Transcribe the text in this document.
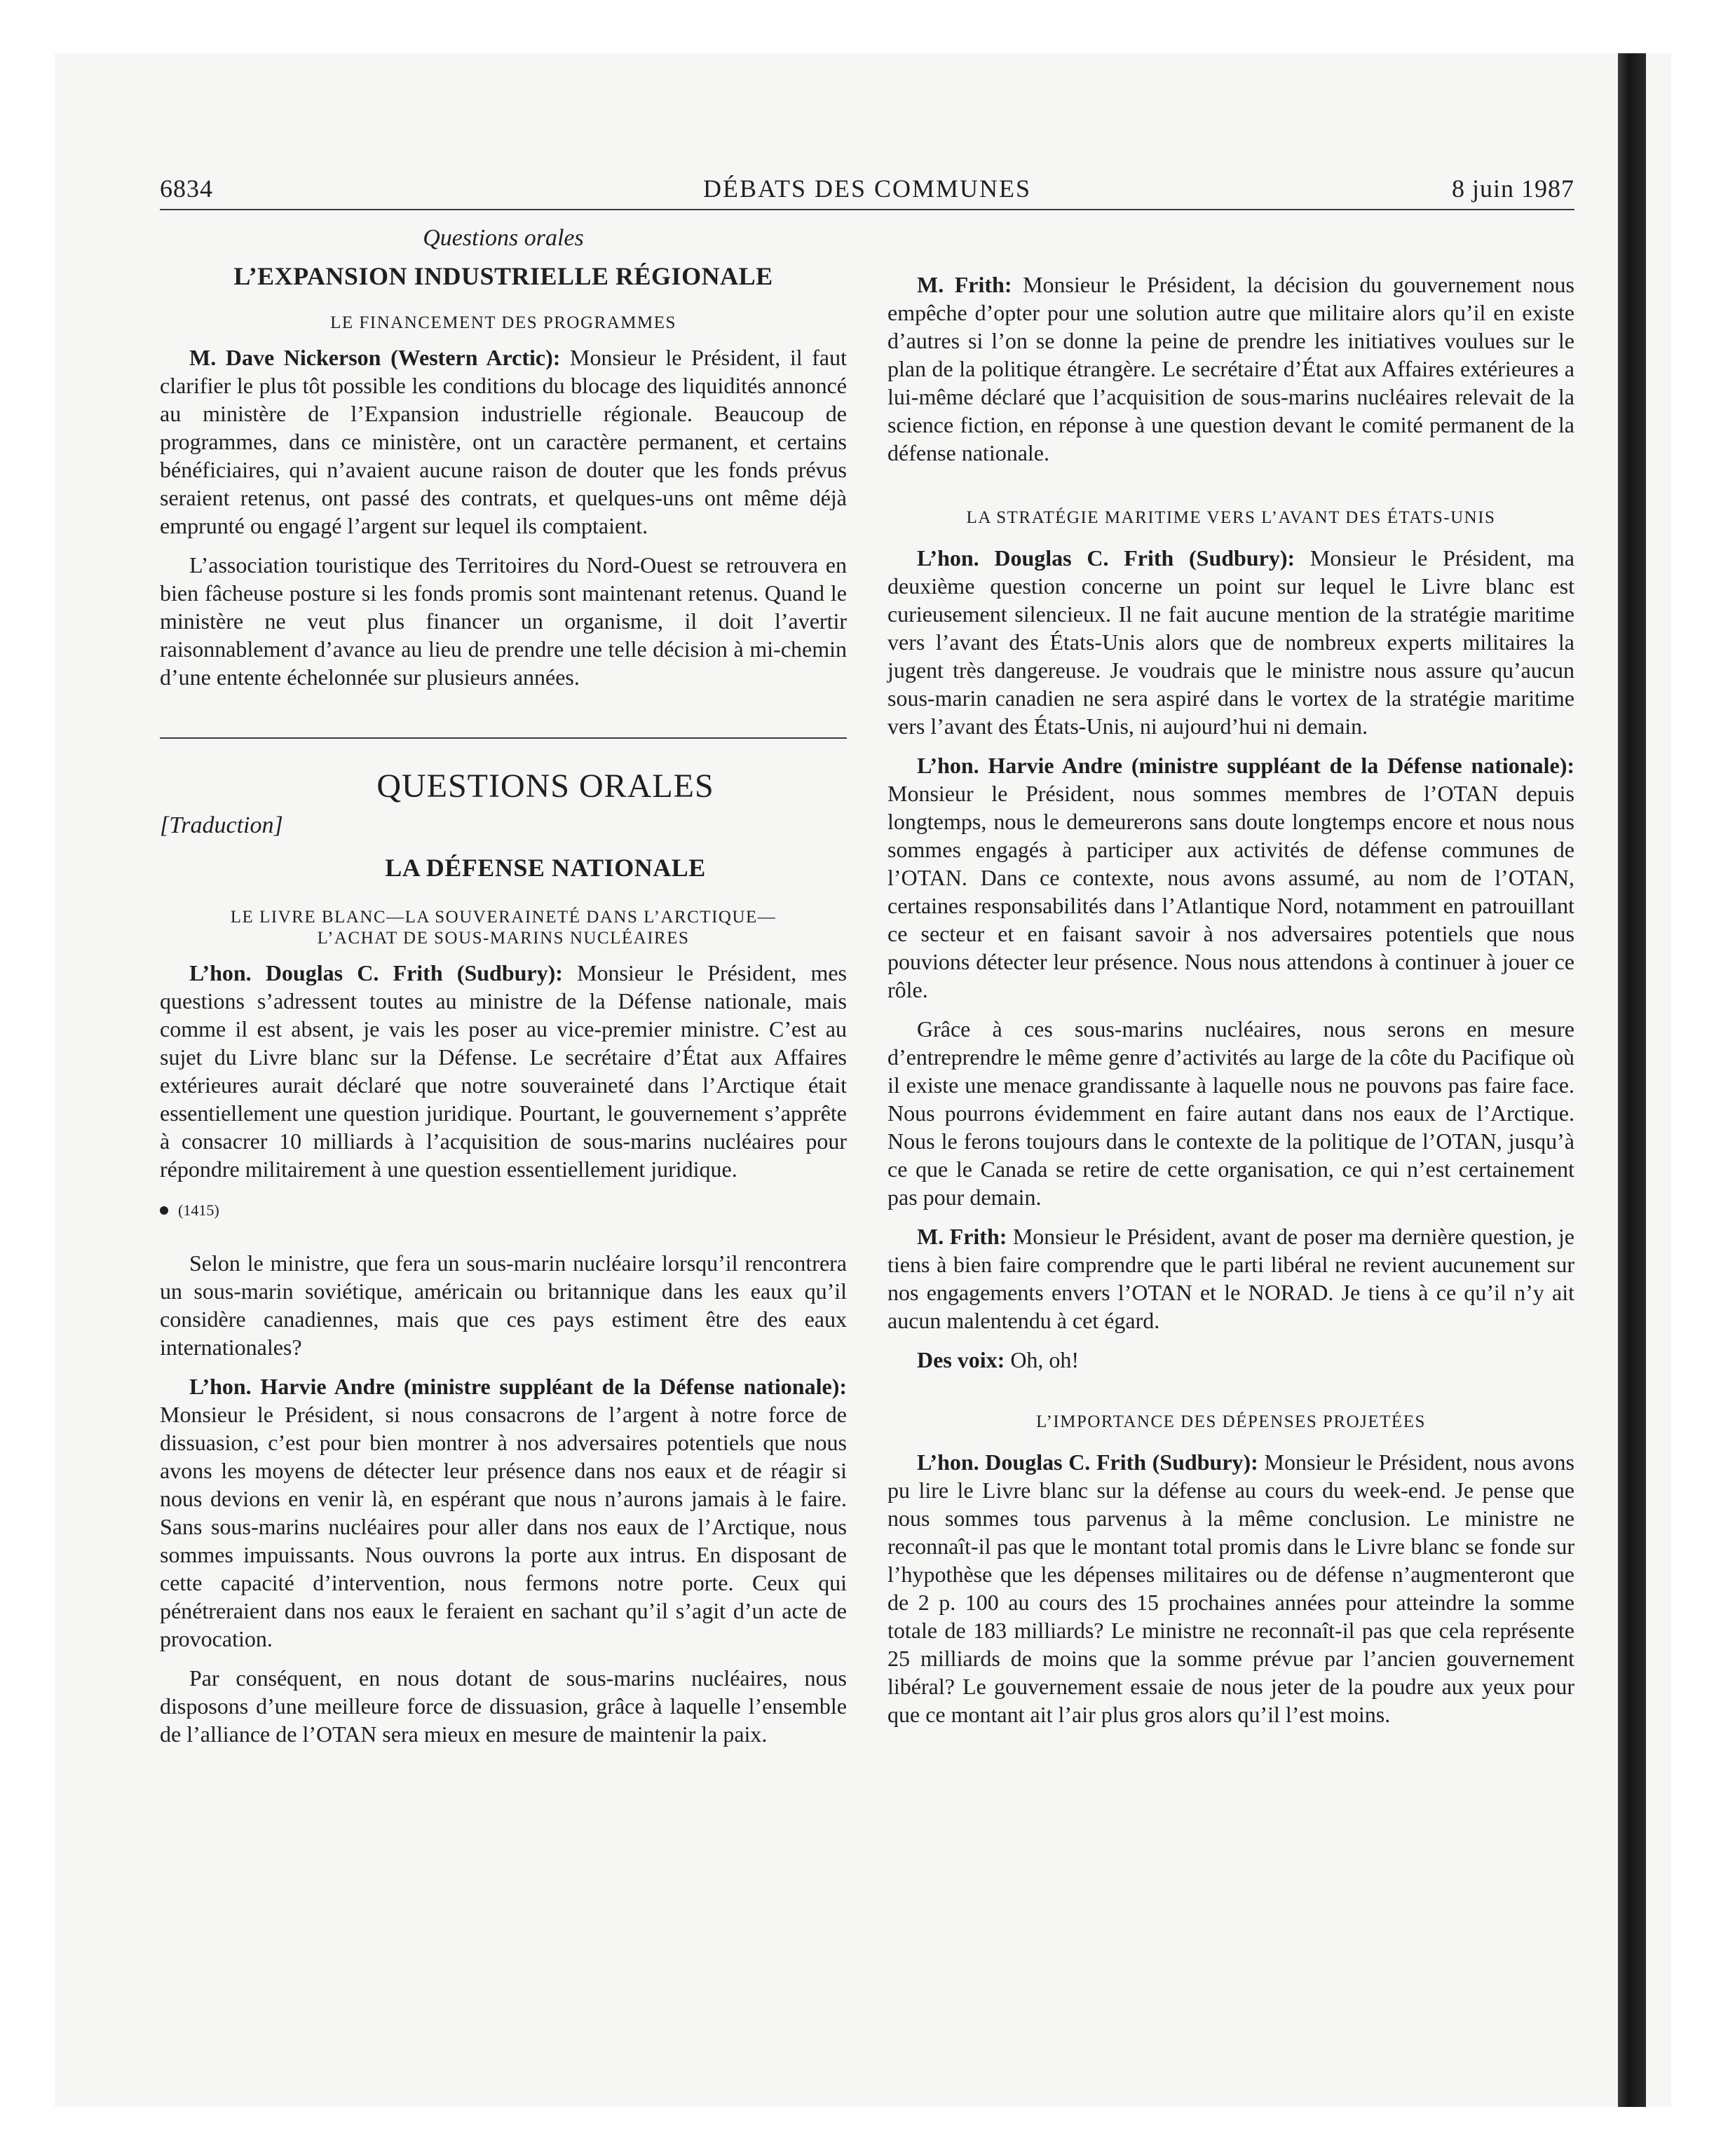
6834	DÉBATS DES COMMUNES	8 juin 1987
Questions orales
L’EXPANSION INDUSTRIELLE RÉGIONALE
LE FINANCEMENT DES PROGRAMMES

M. Dave Nickerson (Western Arctic): Monsieur le Président, il faut clarifier le plus tôt possible les conditions du blocage des liquidités annoncé au ministère de l’Expansion industrielle régionale. Beaucoup de programmes, dans ce ministère, ont un caractère permanent, et certains bénéficiaires, qui n’avaient aucune raison de douter que les fonds prévus seraient retenus, ont passé des contrats, et quelques-uns ont même déjà emprunté ou engagé l’argent sur lequel ils comptaient.

L’association touristique des Territoires du Nord-Ouest se retrouvera en bien fâcheuse posture si les fonds promis sont maintenant retenus. Quand le ministère ne veut plus financer un organisme, il doit l’avertir raisonnablement d’avance au lieu de prendre une telle décision à mi-chemin d’une entente échelonnée sur plusieurs années.

QUESTIONS ORALES
[Traduction]
LA DÉFENSE NATIONALE
LE LIVRE BLANC—LA SOUVERAINETÉ DANS L’ARCTIQUE—
L’ACHAT DE SOUS-MARINS NUCLÉAIRES

L’hon. Douglas C. Frith (Sudbury): Monsieur le Président, mes questions s’adressent toutes au ministre de la Défense nationale, mais comme il est absent, je vais les poser au vice-premier ministre. C’est au sujet du Livre blanc sur la Défense. Le secrétaire d’État aux Affaires extérieures aurait déclaré que notre souveraineté dans l’Arctique était essentiellement une question juridique. Pourtant, le gouvernement s’apprête à consacrer 10 milliards à l’acquisition de sous-marins nucléaires pour répondre militairement à une question essentiellement juridique.

(1415)

Selon le ministre, que fera un sous-marin nucléaire lorsqu’il rencontrera un sous-marin soviétique, américain ou britannique dans les eaux qu’il considère canadiennes, mais que ces pays estiment être des eaux internationales?

L’hon. Harvie Andre (ministre suppléant de la Défense nationale): Monsieur le Président, si nous consacrons de l’argent à notre force de dissuasion, c’est pour bien montrer à nos adversaires potentiels que nous avons les moyens de détecter leur présence dans nos eaux et de réagir si nous devions en venir là, en espérant que nous n’aurons jamais à le faire. Sans sous-marins nucléaires pour aller dans nos eaux de l’Arctique, nous sommes impuissants. Nous ouvrons la porte aux intrus. En disposant de cette capacité d’intervention, nous fermons notre porte. Ceux qui pénétreraient dans nos eaux le feraient en sachant qu’il s’agit d’un acte de provocation.

Par conséquent, en nous dotant de sous-marins nucléaires, nous disposons d’une meilleure force de dissuasion, grâce à laquelle l’ensemble de l’alliance de l’OTAN sera mieux en mesure de maintenir la paix.

M. Frith: Monsieur le Président, la décision du gouvernement nous empêche d’opter pour une solution autre que militaire alors qu’il en existe d’autres si l’on se donne la peine de prendre les initiatives voulues sur le plan de la politique étrangère. Le secrétaire d’État aux Affaires extérieures a lui-même déclaré que l’acquisition de sous-marins nucléaires relevait de la science fiction, en réponse à une question devant le comité permanent de la défense nationale.

LA STRATÉGIE MARITIME VERS L’AVANT DES ÉTATS-UNIS

L’hon. Douglas C. Frith (Sudbury): Monsieur le Président, ma deuxième question concerne un point sur lequel le Livre blanc est curieusement silencieux. Il ne fait aucune mention de la stratégie maritime vers l’avant des États-Unis alors que de nombreux experts militaires la jugent très dangereuse. Je voudrais que le ministre nous assure qu’aucun sous-marin canadien ne sera aspiré dans le vortex de la stratégie maritime vers l’avant des États-Unis, ni aujourd’hui ni demain.

L’hon. Harvie Andre (ministre suppléant de la Défense nationale): Monsieur le Président, nous sommes membres de l’OTAN depuis longtemps, nous le demeurerons sans doute longtemps encore et nous nous sommes engagés à participer aux activités de défense communes de l’OTAN. Dans ce contexte, nous avons assumé, au nom de l’OTAN, certaines responsabilités dans l’Atlantique Nord, notamment en patrouillant ce secteur et en faisant savoir à nos adversaires potentiels que nous pouvions détecter leur présence. Nous nous attendons à continuer à jouer ce rôle.

Grâce à ces sous-marins nucléaires, nous serons en mesure d’entreprendre le même genre d’activités au large de la côte du Pacifique où il existe une menace grandissante à laquelle nous ne pouvons pas faire face. Nous pourrons évidemment en faire autant dans nos eaux de l’Arctique. Nous le ferons toujours dans le contexte de la politique de l’OTAN, jusqu’à ce que le Canada se retire de cette organisation, ce qui n’est certainement pas pour demain.

M. Frith: Monsieur le Président, avant de poser ma dernière question, je tiens à bien faire comprendre que le parti libéral ne revient aucunement sur nos engagements envers l’OTAN et le NORAD. Je tiens à ce qu’il n’y ait aucun malentendu à cet égard.

Des voix: Oh, oh!

L’IMPORTANCE DES DÉPENSES PROJETÉES

L’hon. Douglas C. Frith (Sudbury): Monsieur le Président, nous avons pu lire le Livre blanc sur la défense au cours du week-end. Je pense que nous sommes tous parvenus à la même conclusion. Le ministre ne reconnaît-il pas que le montant total promis dans le Livre blanc se fonde sur l’hypothèse que les dépenses militaires ou de défense n’augmenteront que de 2 p. 100 au cours des 15 prochaines années pour atteindre la somme totale de 183 milliards? Le ministre ne reconnaît-il pas que cela représente 25 milliards de moins que la somme prévue par l’ancien gouvernement libéral? Le gouvernement essaie de nous jeter de la poudre aux yeux pour que ce montant ait l’air plus gros alors qu’il l’est moins.
